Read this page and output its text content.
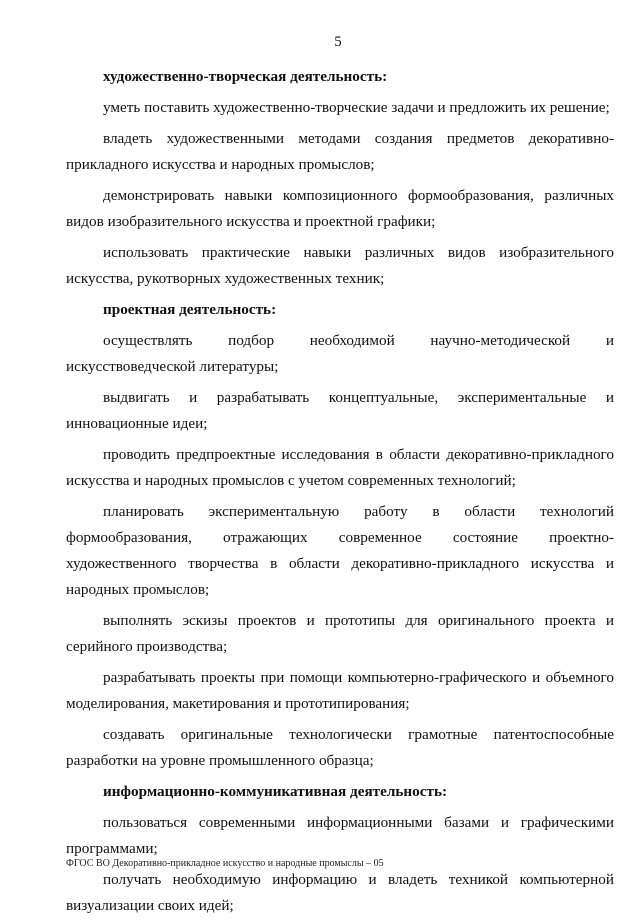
5
художественно-творческая деятельность:

уметь поставить художественно-творческие задачи и предложить их решение;

владеть художественными методами создания предметов декоративно-прикладного искусства и народных промыслов;

демонстрировать навыки композиционного формообразования, различных видов изобразительного искусства и проектной графики;

использовать практические навыки различных видов изобразительного искусства, рукотворных художественных техник;

проектная деятельность:

осуществлять подбор необходимой научно-методической и искусствоведческой литературы;

выдвигать и разрабатывать концептуальные, экспериментальные и инновационные идеи;

проводить предпроектные исследования в области декоративно-прикладного искусства и народных промыслов с учетом современных технологий;

планировать экспериментальную работу в области технологий формообразования, отражающих современное состояние проектно-художественного творчества в области декоративно-прикладного искусства и народных промыслов;

выполнять эскизы проектов и прототипы для оригинального проекта и серийного производства;

разрабатывать проекты при помощи компьютерно-графического и объемного моделирования, макетирования и прототипирования;

создавать оригинальные технологически грамотные патентоспособные разработки на уровне промышленного образца;

информационно-коммуникативная деятельность:

пользоваться современными информационными базами и графическими программами;

получать необходимую информацию и владеть техникой компьютерной визуализации своих идей;

ФГОС ВО Декоративно-прикладное искусство и народные промыслы – 05
